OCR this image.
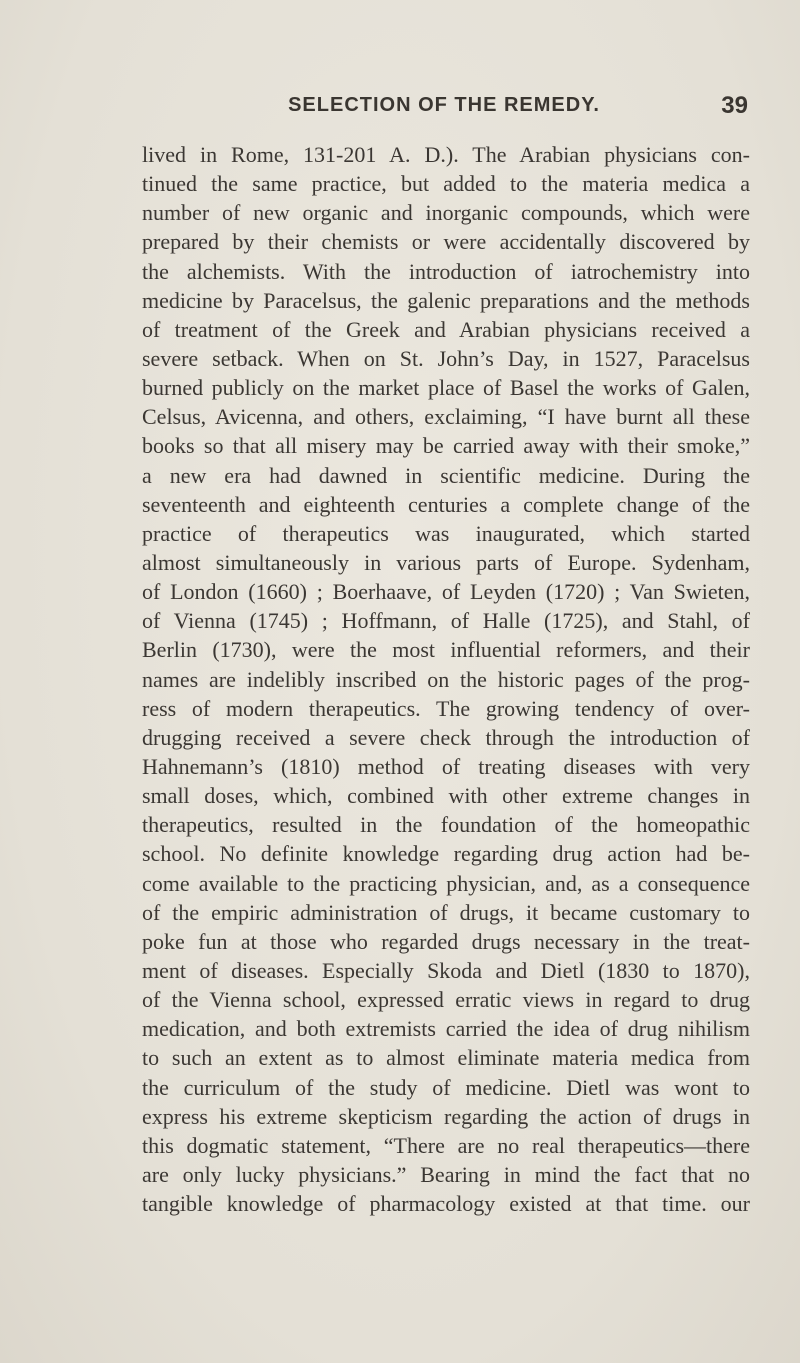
SELECTION OF THE REMEDY.	39
lived in Rome, 131-201 A. D.). The Arabian physicians con-
tinued the same practice, but added to the materia medica a
number of new organic and inorganic compounds, which were
prepared by their chemists or were accidentally discovered by
the alchemists. With the introduction of iatrochemistry into
medicine by Paracelsus, the galenic preparations and the methods
of treatment of the Greek and Arabian physicians received a
severe setback. When on St. John’s Day, in 1527, Paracelsus
burned publicly on the market place of Basel the works of Galen,
Celsus, Avicenna, and others, exclaiming, “I have burnt all these
books so that all misery may be carried away with their smoke,”
a new era had dawned in scientific medicine. During the
seventeenth and eighteenth centuries a complete change of the
practice of therapeutics was inaugurated, which started
almost simultaneously in various parts of Europe. Sydenham,
of London (1660) ; Boerhaave, of Leyden (1720) ; Van Swieten,
of Vienna (1745) ; Hoffmann, of Halle (1725), and Stahl, of
Berlin (1730), were the most influential reformers, and their
names are indelibly inscribed on the historic pages of the prog-
ress of modern therapeutics. The growing tendency of over-
drugging received a severe check through the introduction of
Hahnemann’s (1810) method of treating diseases with very
small doses, which, combined with other extreme changes in
therapeutics, resulted in the foundation of the homeopathic
school. No definite knowledge regarding drug action had be-
come available to the practicing physician, and, as a consequence
of the empiric administration of drugs, it became customary to
poke fun at those who regarded drugs necessary in the treat-
ment of diseases. Especially Skoda and Dietl (1830 to 1870),
of the Vienna school, expressed erratic views in regard to drug
medication, and both extremists carried the idea of drug nihilism
to such an extent as to almost eliminate materia medica from
the curriculum of the study of medicine. Dietl was wont to
express his extreme skepticism regarding the action of drugs in
this dogmatic statement, “There are no real therapeutics—there
are only lucky physicians.” Bearing in mind the fact that no
tangible knowledge of pharmacology existed at that time. our
